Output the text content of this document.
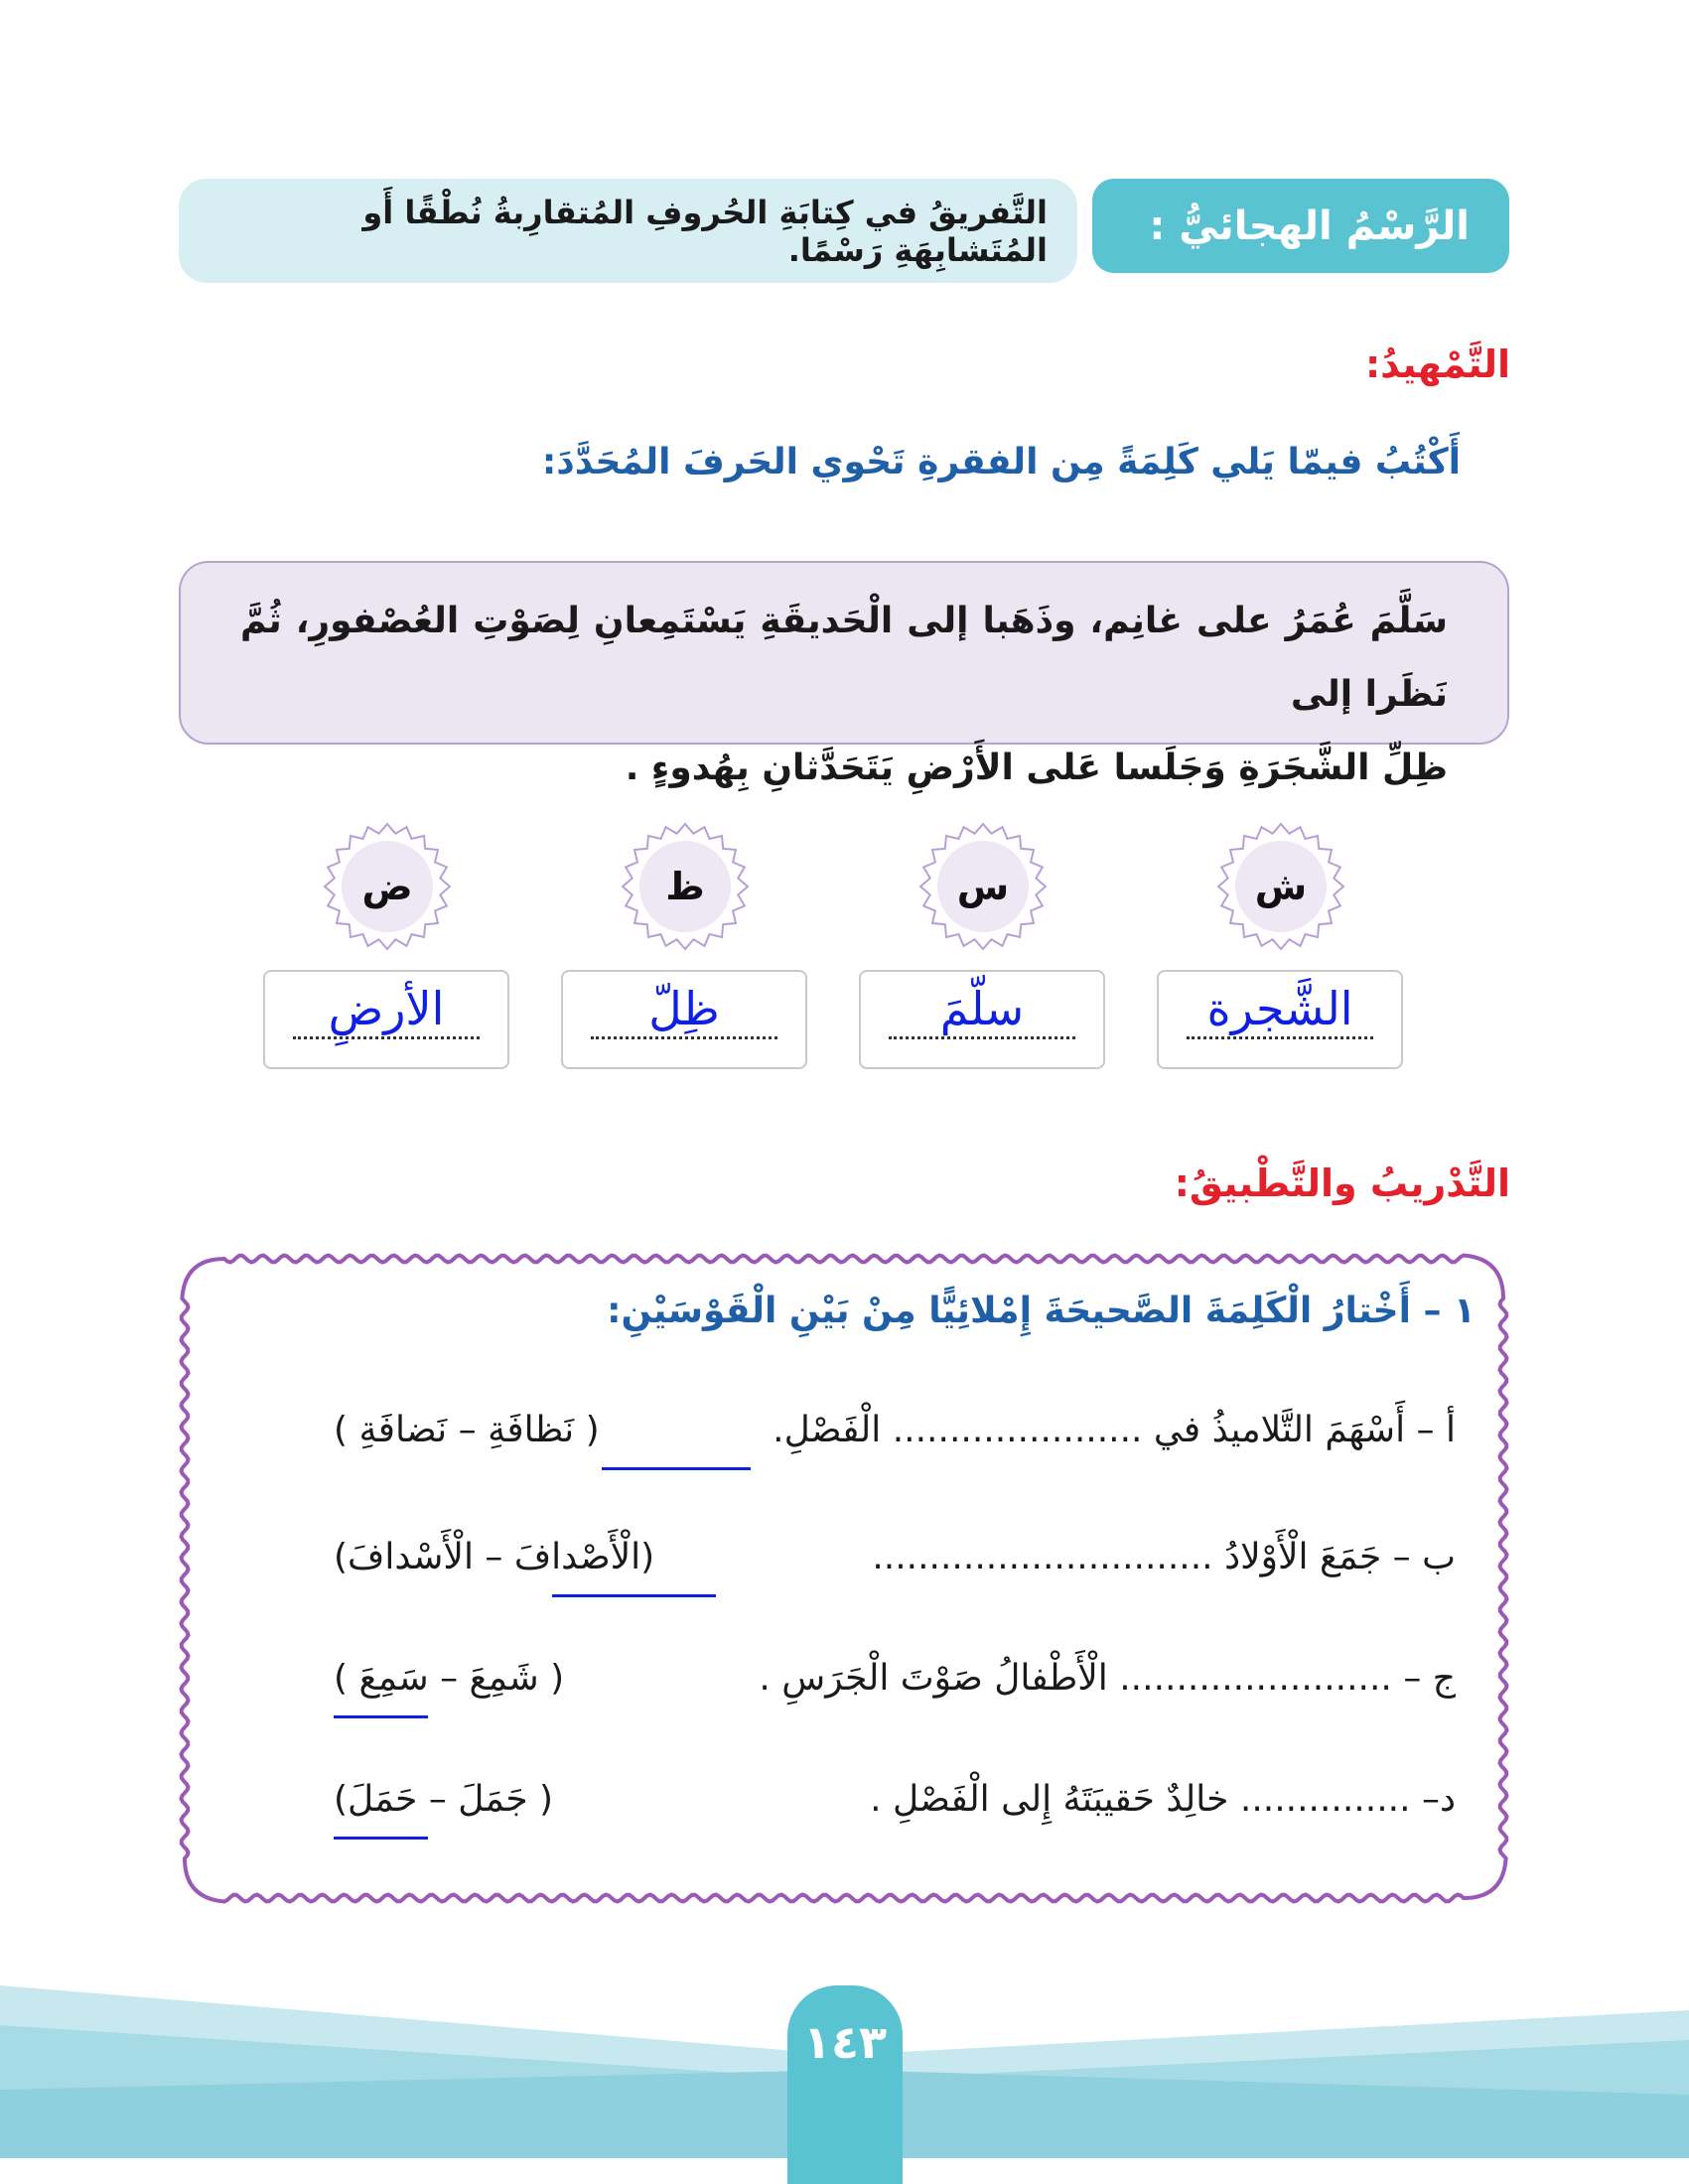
الرَّسْمُ الهجائيُّ :
التَّفريقُ في كِتابَةِ الحُروفِ المُتقارِبةُ نُطْقًا أَو المُتَشابِهَةِ رَسْمًا.
التَّمْهيدُ:
أَكْتُبُ فيمّا يَلي كَلِمَةً مِن الفقرةِ تَحْوي الحَرفَ المُحَدَّدَ:
سَلَّمَ عُمَرُ على غانِم، وذَهَبا إلى الْحَديقَةِ يَسْتَمِعانِ لِصَوْتِ العُصْفورِ، ثُمَّ نَظَرا إلى
ظِلِّ الشَّجَرَةِ وَجَلَسا عَلى الأَرْضِ يَتَحَدَّثانِ بِهُدوءٍ .
ش
س
ظ
ض
الشَّجرة
سلّمَ
ظِلّ
الأرضِ
التَّدْريبُ والتَّطْبيقُ:
١ – أَخْتارُ الْكَلِمَةَ الصَّحيحَةَ إِمْلائِيًّا مِنْ بَيْنِ الْقَوْسَيْنِ:
أ – أَسْهَمَ التَّلاميذُ في ...................... الْفَصْلِ.
( نَظافَةِ – نَضافَةِ )
ب – جَمَعَ الْأَوْلادُ ..............................
(الْأَصْدافَ – الْأَسْدافَ)
ج – ........................ الْأَطْفالُ صَوْتَ الْجَرَسِ .
( شَمِعَ – سَمِعَ )
د– ............... خالِدٌ حَقيبَتَهُ إِلى الْفَصْلِ .
( جَمَلَ – حَمَلَ)
١٤٣
